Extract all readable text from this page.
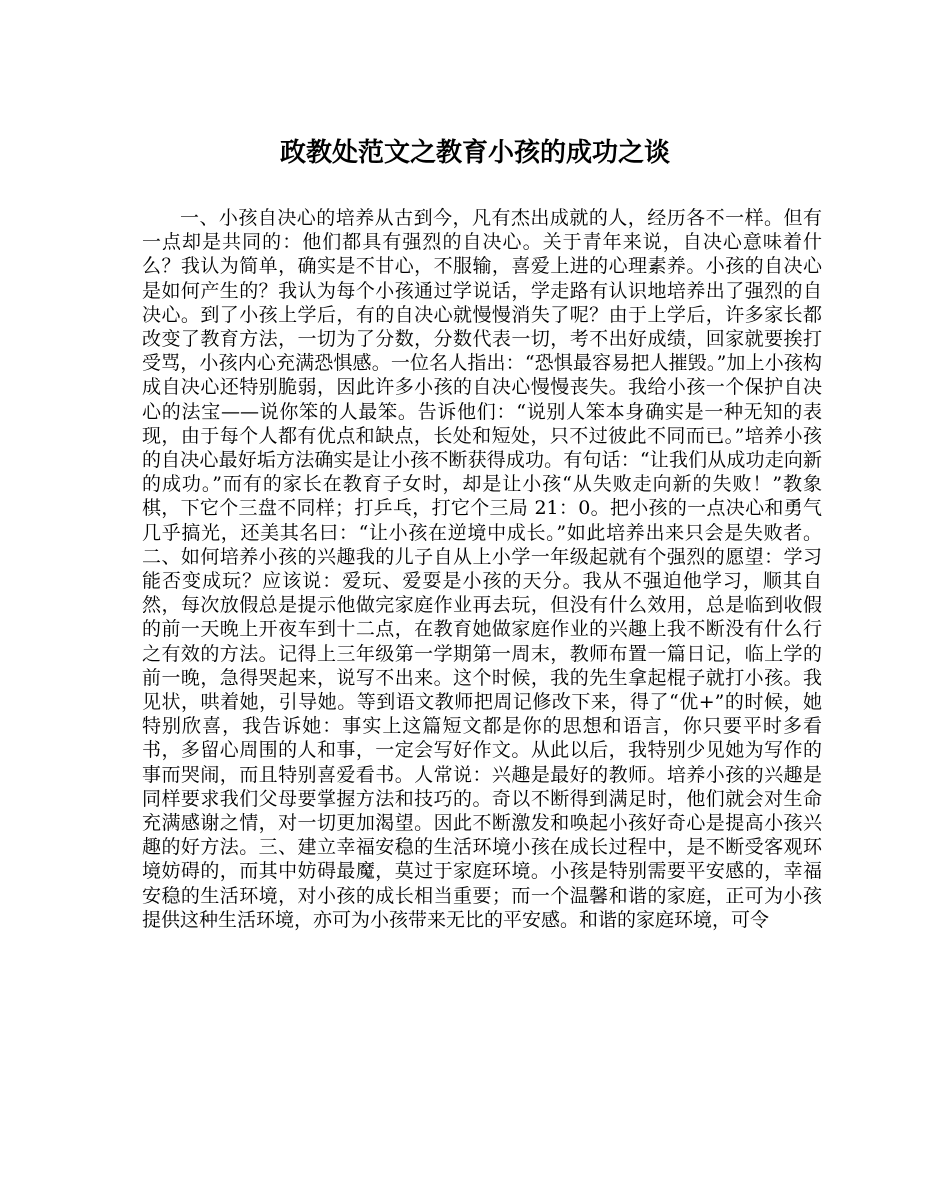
政教处范文之教育小孩的成功之谈

一、小孩自决心的培养从古到今，凡有杰出成就的人，经历各不一样。但有一点却是共同的：他们都具有强烈的自决心。关于青年来说，自决心意味着什么？我认为简单，确实是不甘心，不服输，喜爱上进的心理素养。小孩的自决心是如何产生的？我认为每个小孩通过学说话，学走路有认识地培养出了强烈的自决心。到了小孩上学后，有的自决心就慢慢消失了呢？由于上学后，许多家长都改变了教育方法，一切为了分数，分数代表一切，考不出好成绩，回家就要挨打受骂，小孩内心充满恐惧感。一位名人指出：“恐惧最容易把人摧毁。”加上小孩构成自决心还特别脆弱，因此许多小孩的自决心慢慢丧失。我给小孩一个保护自决心的法宝——说你笨的人最笨。告诉他们：“说别人笨本身确实是一种无知的表现，由于每个人都有优点和缺点，长处和短处，只不过彼此不同而已。”培养小孩的自决心最好垢方法确实是让小孩不断获得成功。有句话：“让我们从成功走向新的成功。”而有的家长在教育子女时，却是让小孩“从失败走向新的失败！”教象棋，下它个三盘不同样；打乒乓，打它个三局 21：0。把小孩的一点决心和勇气几乎搞光，还美其名曰：“让小孩在逆境中成长。”如此培养出来只会是失败者。二、如何培养小孩的兴趣我的儿子自从上小学一年级起就有个强烈的愿望：学习能否变成玩？应该说：爱玩、爱耍是小孩的天分。我从不强迫他学习，顺其自然，每次放假总是提示他做完家庭作业再去玩，但没有什么效用，总是临到收假的前一天晚上开夜车到十二点，在教育她做家庭作业的兴趣上我不断没有什么行之有效的方法。记得上三年级第一学期第一周末，教师布置一篇日记，临上学的前一晚，急得哭起来，说写不出来。这个时候，我的先生拿起棍子就打小孩。我见状，哄着她，引导她。等到语文教师把周记修改下来，得了“优+”的时候，她特别欣喜，我告诉她：事实上这篇短文都是你的思想和语言，你只要平时多看书，多留心周围的人和事，一定会写好作文。从此以后，我特别少见她为写作的事而哭闹，而且特别喜爱看书。人常说：兴趣是最好的教师。培养小孩的兴趣是同样要求我们父母要掌握方法和技巧的。奇以不断得到满足时，他们就会对生命充满感谢之情，对一切更加渴望。因此不断激发和唤起小孩好奇心是提高小孩兴趣的好方法。三、建立幸福安稳的生活环境小孩在成长过程中，是不断受客观环境妨碍的，而其中妨碍最魔，莫过于家庭环境。小孩是特别需要平安感的，幸福安稳的生活环境，对小孩的成长相当重要；而一个温馨和谐的家庭，正可为小孩提供这种生活环境，亦可为小孩带来无比的平安感。和谐的家庭环境，可令
